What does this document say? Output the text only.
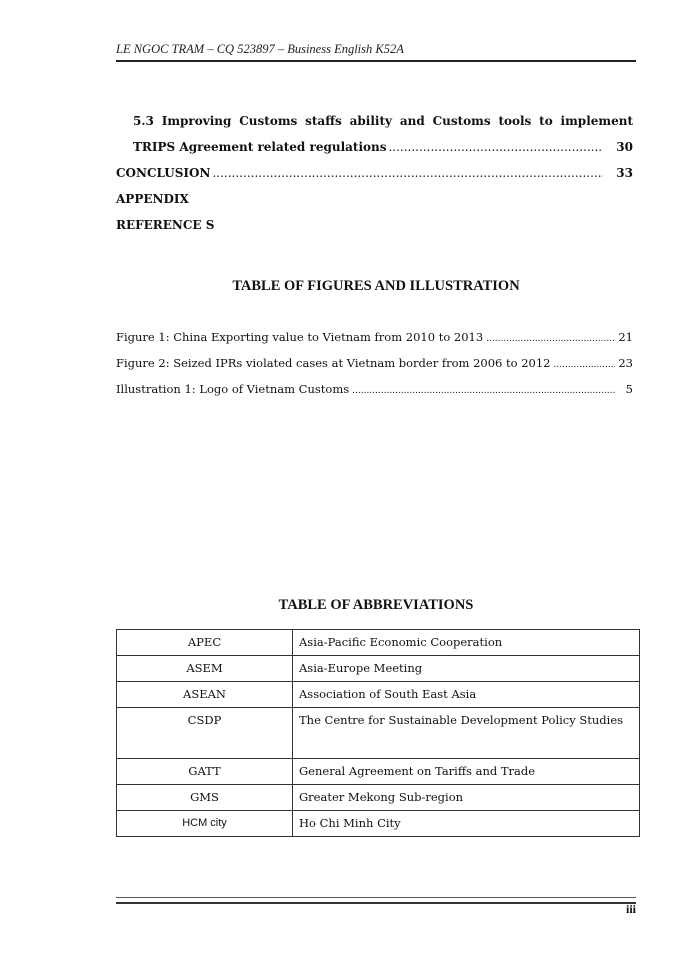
LE NGOC TRAM – CQ 523897 – Business English K52A
5.3 Improving Customs staffs ability and Customs tools to implement
TRIPS Agreement related regulations .....	30
CONCLUSION .....	33
APPENDIX
REFERENCE S
TABLE OF FIGURES AND ILLUSTRATION
Figure 1: China Exporting value to Vietnam from 2010 to 2013 .....	21
Figure 2: Seized IPRs violated cases at Vietnam border from 2006 to 2012 .....	23
Illustration 1: Logo of Vietnam Customs .....	5
TABLE OF ABBREVIATIONS
APEC	Asia-Pacific Economic Cooperation
ASEM	Asia-Europe Meeting
ASEAN	Association of South East Asia
CSDP	The Centre for Sustainable Development Policy Studies
GATT	General Agreement on Tariffs and Trade
GMS	Greater Mekong Sub-region
HCM city	Ho Chi Minh City
iii
